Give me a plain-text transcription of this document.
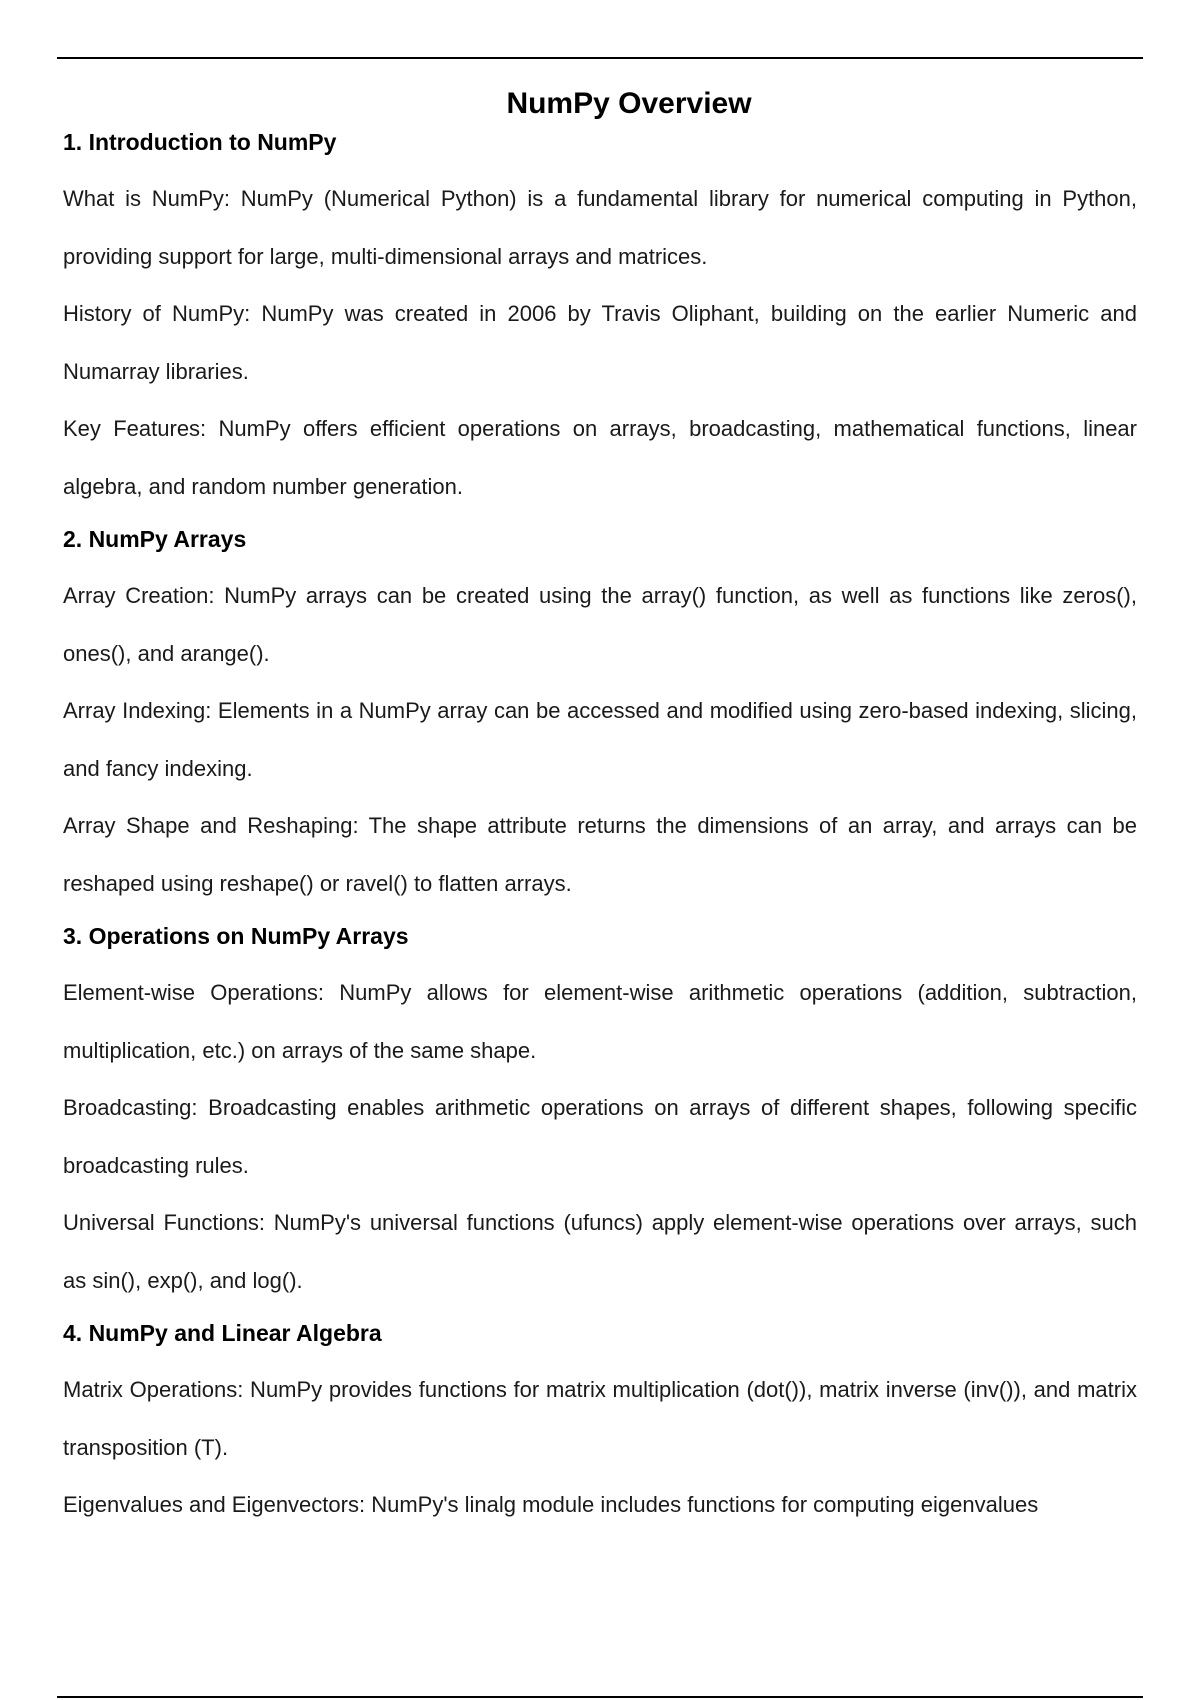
NumPy Overview
1. Introduction to NumPy

What is NumPy: NumPy (Numerical Python) is a fundamental library for numerical computing in Python, providing support for large, multi-dimensional arrays and matrices.

History of NumPy: NumPy was created in 2006 by Travis Oliphant, building on the earlier Numeric and Numarray libraries.

Key Features: NumPy offers efficient operations on arrays, broadcasting, mathematical functions, linear algebra, and random number generation.

2. NumPy Arrays

Array Creation: NumPy arrays can be created using the array() function, as well as functions like zeros(), ones(), and arange().

Array Indexing: Elements in a NumPy array can be accessed and modified using zero-based indexing, slicing, and fancy indexing.

Array Shape and Reshaping: The shape attribute returns the dimensions of an array, and arrays can be reshaped using reshape() or ravel() to flatten arrays.

3. Operations on NumPy Arrays

Element-wise Operations: NumPy allows for element-wise arithmetic operations (addition, subtraction, multiplication, etc.) on arrays of the same shape.

Broadcasting: Broadcasting enables arithmetic operations on arrays of different shapes, following specific broadcasting rules.

Universal Functions: NumPy's universal functions (ufuncs) apply element-wise operations over arrays, such as sin(), exp(), and log().

4. NumPy and Linear Algebra

Matrix Operations: NumPy provides functions for matrix multiplication (dot()), matrix inverse (inv()), and matrix transposition (T).

Eigenvalues and Eigenvectors: NumPy's linalg module includes functions for computing eigenvalues
